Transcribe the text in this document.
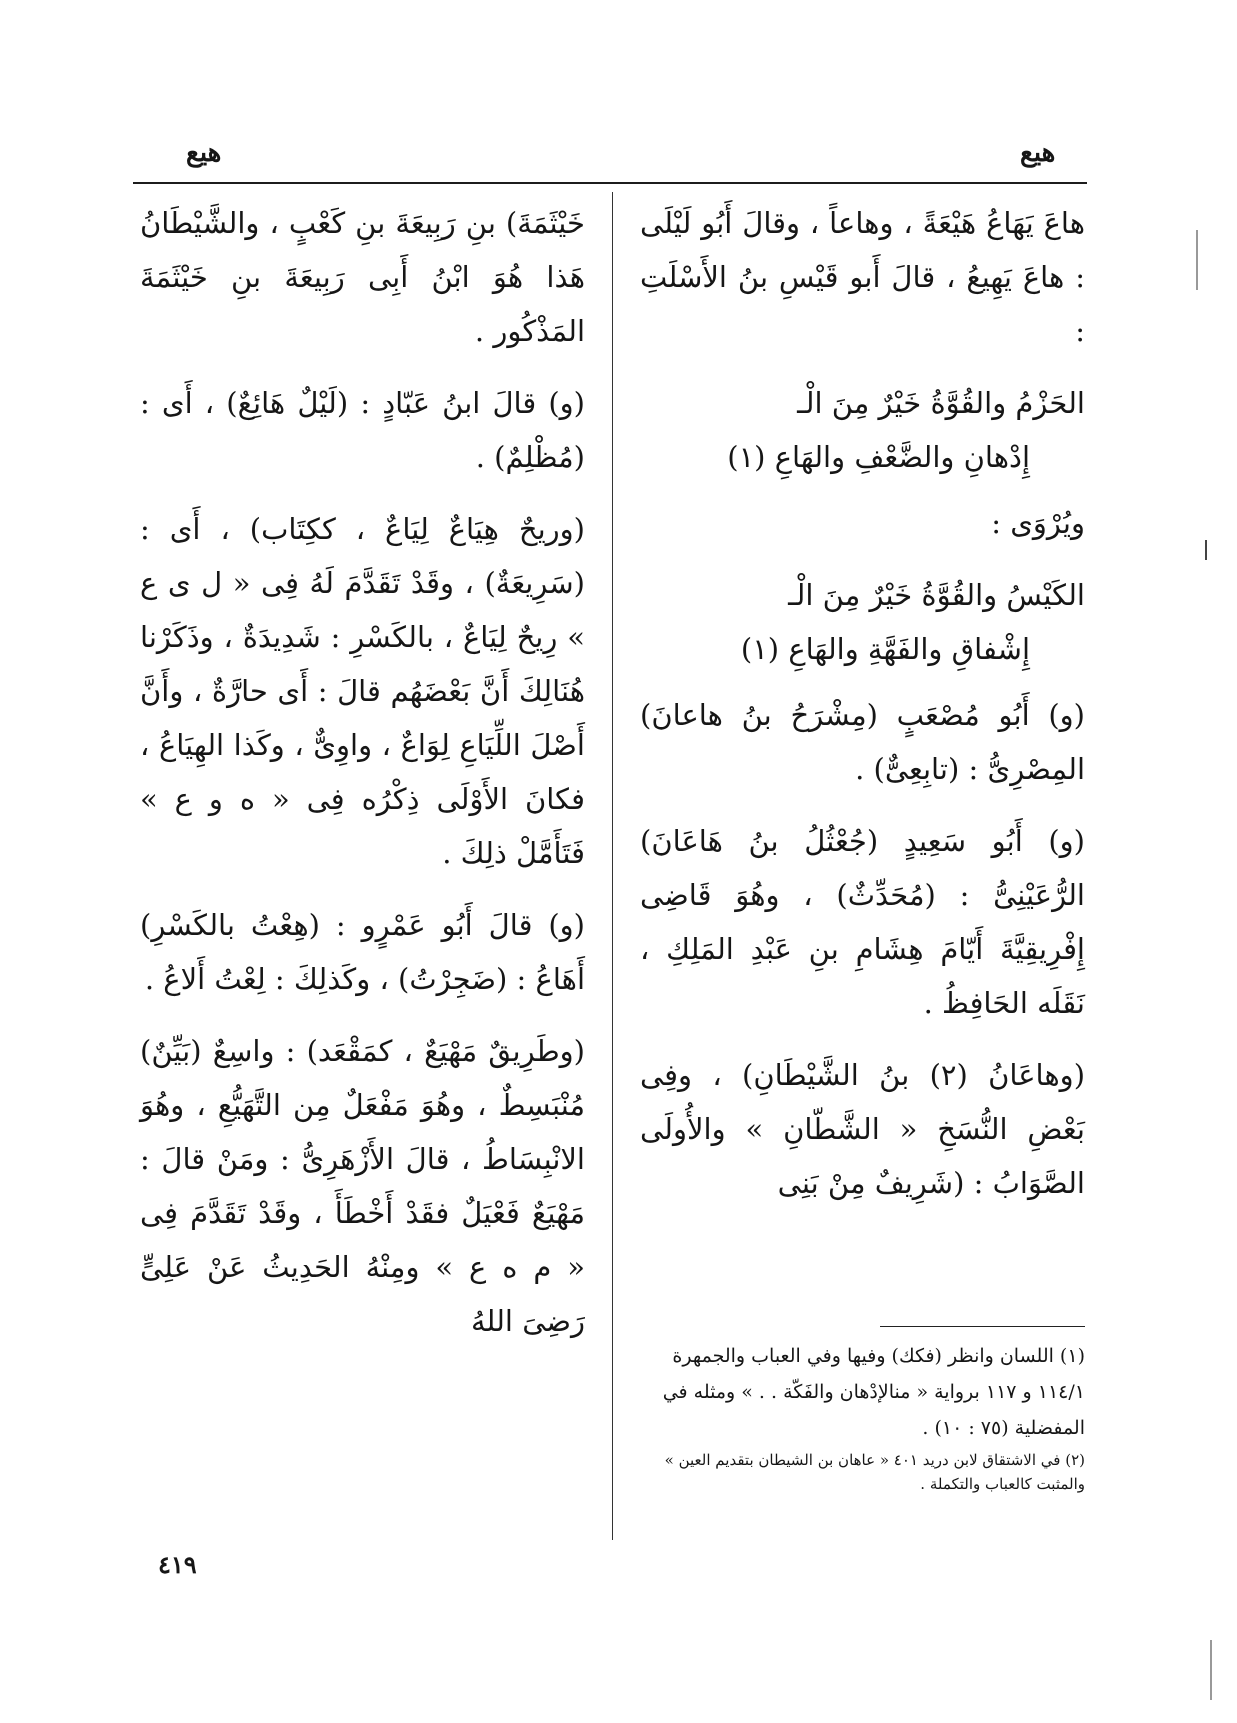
هيع
هيع

هاعَ يَهَاعُ هَيْعَةً ، وهاعاً ، وقالَ أَبُو لَيْلَى : هاعَ يَهِيعُ ، قالَ أَبو قَيْسِ بنُ الأَسْلَتِ :

الحَزْمُ والقُوَّةُ خَيْرٌ مِنَ الْـ
إِدْهانِ والضَّعْفِ والهَاعِ (١)

ويُرْوَى :

الكَيْسُ والقُوَّةُ خَيْرٌ مِنَ الْـ
إِشْفاقِ والفَهَّةِ والهَاعِ (١)

(و) أَبُو مُصْعَبٍ (مِشْرَحُ بنُ هاعانَ) المِصْرِىُّ : (تابِعِىٌّ) .

(و) أَبُو سَعِيدٍ (جُعْثُلُ بنُ هَاعَانَ) الرُّعَيْنِىُّ : (مُحَدِّثٌ) ، وهُوَ قَاضِى إِفْرِيقِيَّةَ أَيّامَ هِشَامِ بنِ عَبْدِ المَلِكِ ، نَقَلَه الحَافِظُ .

(وهاعَانُ (٢) بنُ الشَّيْطَانِ) ، وفِى بَعْضِ النُّسَخِ « الشَّطّانِ » والأُولَى الصَّوَابُ : (شَرِيفٌ مِنْ بَنِى

(١) اللسان وانظر (فكك) وفيها وفي العباب والجمهرة ١١٤/١ و ١١٧ برواية « منالإدْهان والفَكّة . . » ومثله في المفضلية (٧٥ : ١٠) .

(٢) في الاشتقاق لابن دريد ٤٠١ « عاهان بن الشيطان بتقديم العين » والمثبت كالعباب والتكملة .

خَيْثَمَةَ) بنِ رَبِيعَةَ بنِ كَعْبٍ ، والشَّيْطَانُ هَذا هُوَ ابْنُ أَبِى رَبِيعَةَ بنِ خَيْثَمَةَ المَذْكُور .

(و) قالَ ابنُ عَبّادٍ : (لَيْلٌ هَائِعٌ) ، أَى : (مُظْلِمٌ) .

(وريحٌ هِيَاعٌ لِيَاعٌ ، ككِتَاب) ، أَى : (سَرِيعَةٌ) ، وقَدْ تَقَدَّمَ لَهُ فِى « ل ى ع » رِيحٌ لِيَاعٌ ، بالكَسْرِ : شَدِيدَةٌ ، وذَكَرْنا هُنَالِكَ أَنَّ بَعْضَهُم قالَ : أَى حارَّةٌ ، وأَنَّ أَصْلَ اللِّيَاعِ لِوَاعٌ ، واوِىٌّ ، وكَذا الهِيَاعُ ، فكانَ الأَوْلَى ذِكْرُه فِى « ه و ع » فَتَأَمَّلْ ذلِكَ .

(و) قالَ أَبُو عَمْرٍو : (هِعْتُ بالكَسْرِ) أَهَاعُ : (ضَجِرْتُ) ، وكَذلِكَ : لِعْتُ أَلاعُ .

(وطَرِيقٌ مَهْيَعٌ ، كمَقْعَد) : واسِعٌ (بَيِّنٌ) مُنْبَسِطٌ ، وهُوَ مَفْعَلٌ مِن التَّهَيُّعِ ، وهُوَ الانْبِسَاطُ ، قالَ الأَزْهَرِىُّ : ومَنْ قالَ : مَهْيَعٌ فَعْيَلٌ فقَدْ أَخْطَأَ ، وقَدْ تَقَدَّمَ فِى « م ه ع » ومِنْهُ الحَدِيثُ عَنْ عَلِىٍّ رَضِىَ اللهُ

٤١٩
